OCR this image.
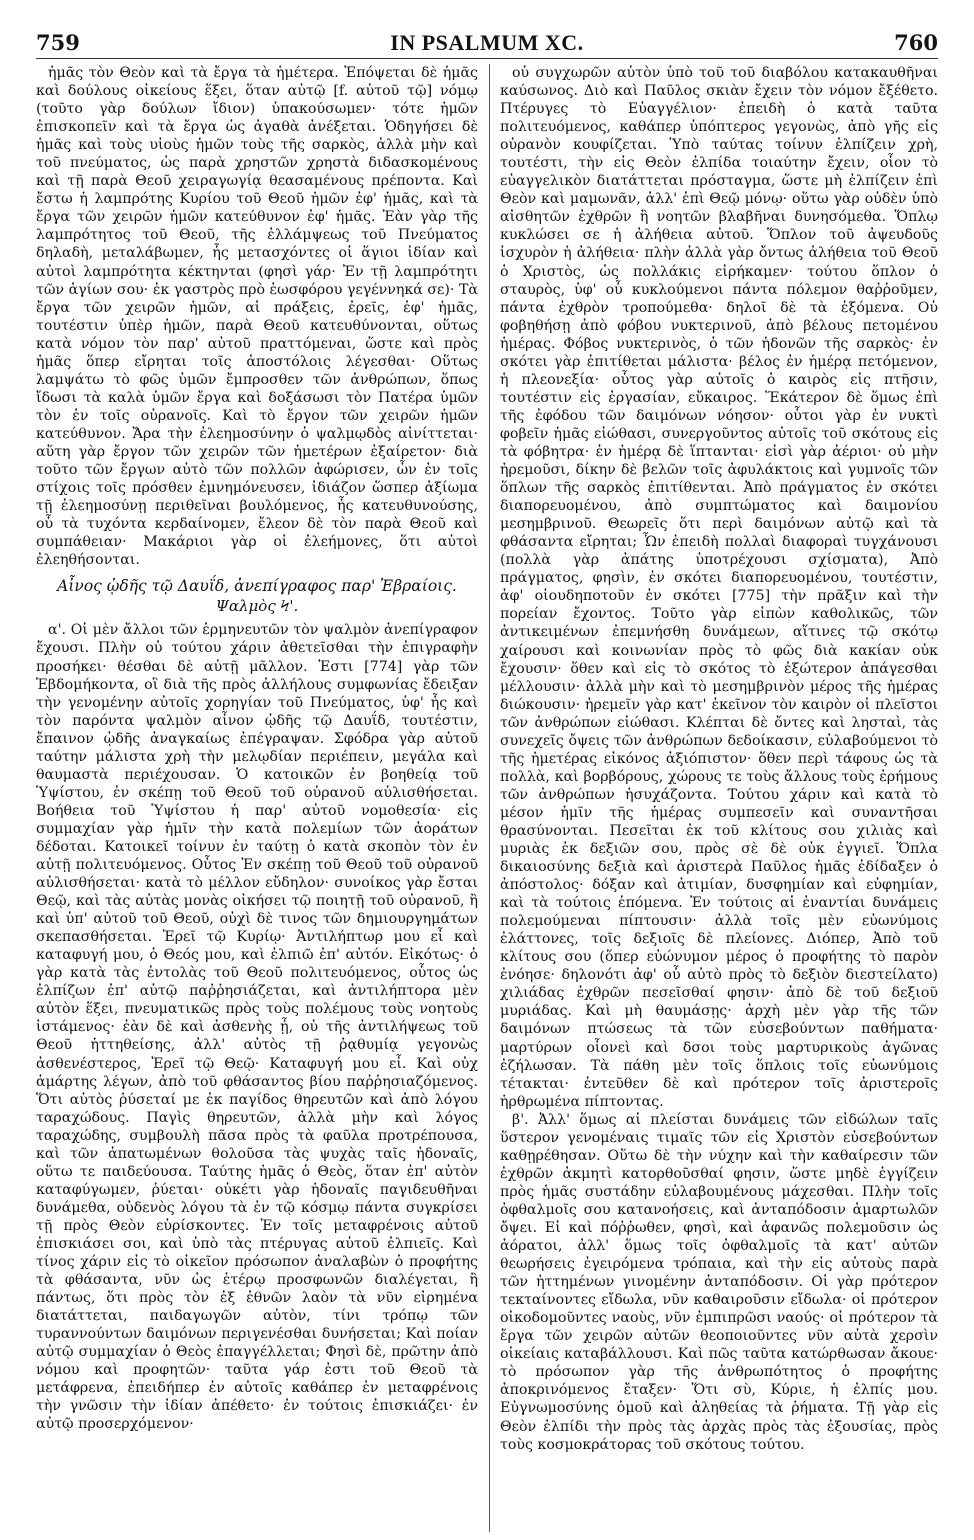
759	IN PSALMUM XC.	760

ἡμᾶς τὸν Θεὸν καὶ τὰ ἔργα τὰ ἡμέτερα. Ἑπόψεται δὲ ἡμᾶς καὶ δούλους οἰκείους ἕξει, ὅταν αὐτῷ [f. αὐτοῦ τῷ] νόμῳ (τοῦτο γὰρ δούλων ἴδιον) ὑπακούσωμεν· τότε ἡμῶν ἐπισκοπεῖν καὶ τὰ ἔργα ὡς ἀγαθὰ ἀνέξεται. Ὁδηγήσει δὲ ἡμᾶς καὶ τοὺς υἱοὺς ἡμῶν τοὺς τῆς σαρκὸς, ἀλλὰ μὴν καὶ τοῦ πνεύματος, ὡς παρὰ χρηστῶν χρηστὰ διδασκομένους καὶ τῇ παρὰ Θεοῦ χειραγωγίᾳ θεασαμένους πρέποντα. Καὶ ἔστω ἡ λαμπρότης Κυρίου τοῦ Θεοῦ ἡμῶν ἐφ' ἡμᾶς, καὶ τὰ ἔργα τῶν χειρῶν ἡμῶν κατεύθυνον ἐφ' ἡμᾶς. Ἐὰν γὰρ τῆς λαμπρότητος τοῦ Θεοῦ, τῆς ἐλλάμψεως τοῦ Πνεύματος δηλαδὴ, μεταλάβωμεν, ἧς μετασχόντες οἱ ἅγιοι ἰδίαν καὶ αὐτοὶ λαμπρότητα κέκτηνται (φησὶ γάρ· Ἐν τῇ λαμπρότητι τῶν ἁγίων σου· ἐκ γαστρὸς πρὸ ἑωσφόρου γεγέννηκά σε)· Τὰ ἔργα τῶν χειρῶν ἡμῶν, αἱ πράξεις, ἐρεῖς, ἐφ' ἡμᾶς, τουτέστιν ὑπὲρ ἡμῶν, παρὰ Θεοῦ κατευθύνονται, οὕτως κατὰ νόμον τὸν παρ' αὐτοῦ πραττόμεναι, ὥστε καὶ πρὸς ἡμᾶς ὅπερ εἴρηται τοῖς ἀποστόλοις λέγεσθαι· Οὕτως λαμψάτω τὸ φῶς ὑμῶν ἔμπροσθεν τῶν ἀνθρώπων, ὅπως ἴδωσι τὰ καλὰ ὑμῶν ἔργα καὶ δοξάσωσι τὸν Πατέρα ὑμῶν τὸν ἐν τοῖς οὐρανοῖς. Καὶ τὸ ἔργον τῶν χειρῶν ἡμῶν κατεύθυνον. Ἄρα τὴν ἐλεημοσύνην ὁ ψαλμῳδὸς αἰνίττεται· αὕτη γὰρ ἔργον τῶν χειρῶν τῶν ἡμετέρων ἐξαίρετον· διὰ τοῦτο τῶν ἔργων αὐτὸ τῶν πολλῶν ἀφώρισεν, ὧν ἐν τοῖς στίχοις τοῖς πρόσθεν ἐμνημόνευσεν, ἰδιάζον ὥσπερ ἀξίωμα τῇ ἐλεημοσύνῃ περιθεῖναι βουλόμενος, ἧς κατευθυνούσης, οὗ τὰ τυχόντα κερδαίνομεν, ἔλεον δὲ τὸν παρὰ Θεοῦ καὶ συμπάθειαν· Μακάριοι γὰρ οἱ ἐλεήμονες, ὅτι αὐτοὶ ἐλεηθήσονται.

Αἶνος ᾠδῆς τῷ Δαυΐδ, ἀνεπίγραφος παρ' Ἑβραίοις.
Ψαλμὸς Ϟ'.

α'. Οἱ μὲν ἄλλοι τῶν ἑρμηνευτῶν τὸν ψαλμὸν ἀνεπίγραφον ἔχουσι. Πλὴν οὐ τούτου χάριν ἀθετεῖσθαι τὴν ἐπιγραφὴν προσήκει· θέσθαι δὲ αὐτῇ μᾶλλον. Ἐστι [774] γὰρ τῶν Ἑβδομήκοντα, οἳ διὰ τῆς πρὸς ἀλλήλους συμφωνίας ἔδειξαν τὴν γενομένην αὐτοῖς χορηγίαν τοῦ Πνεύματος, ὑφ' ἧς καὶ τὸν παρόντα ψαλμὸν αἶνον ᾠδῆς τῷ Δαυΐδ, τουτέστιν, ἔπαινον ᾠδῆς ἀναγκαίως ἐπέγραψαν. Σφόδρα γὰρ αὐτοῦ ταύτην μάλιστα χρὴ τὴν μελῳδίαν περιέπειν, μεγάλα καὶ θαυμαστὰ περιέχουσαν. Ὁ κατοικῶν ἐν βοηθείᾳ τοῦ Ὑψίστου, ἐν σκέπῃ τοῦ Θεοῦ τοῦ οὐρανοῦ αὐλισθήσεται. Βοήθεια τοῦ Ὑψίστου ἡ παρ' αὐτοῦ νομοθεσία· εἰς συμμαχίαν γὰρ ἡμῖν τὴν κατὰ πολεμίων τῶν ἀοράτων δέδοται. Κατοικεῖ τοίνυν ἐν ταύτῃ ὁ κατὰ σκοπὸν τὸν ἐν αὐτῇ πολιτευόμενος. Οὗτος Ἐν σκέπῃ τοῦ Θεοῦ τοῦ οὐρανοῦ αὐλισθήσεται· κατὰ τὸ μέλλον εὔδηλον· συνοίκος γὰρ ἔσται Θεῷ, καὶ τὰς αὐτὰς μονὰς οἰκήσει τῷ ποιητῇ τοῦ οὐρανοῦ, ἢ καὶ ὑπ' αὐτοῦ τοῦ Θεοῦ, οὐχὶ δὲ τινος τῶν δημιουργημάτων σκεπασθήσεται. Ἐρεῖ τῷ Κυρίῳ· Ἀντιλήπτωρ μου εἶ καὶ καταφυγή μου, ὁ Θεός μου, καὶ ἐλπιῶ ἐπ' αὐτόν. Εἰκότως· ὁ γὰρ κατὰ τὰς ἐντολὰς τοῦ Θεοῦ πολιτευόμενος, οὗτος ὡς ἐλπίζων ἐπ' αὐτῷ παῤῥησιάζεται, καὶ ἀντιλήπτορα μὲν αὐτὸν ἕξει, πνευματικῶς πρὸς τοὺς πολέμους τοὺς νοητοὺς ἱστάμενος· ἐὰν δὲ καὶ ἀσθενὴς ᾖ, οὐ τῆς ἀντιλήψεως τοῦ Θεοῦ ἡττηθείσης, ἀλλ' αὐτὸς τῇ ῥᾳθυμίᾳ γεγονὼς ἀσθενέστερος, Ἐρεῖ τῷ Θεῷ· Καταφυγή μου εἶ. Καὶ οὐχ ἁμάρτης λέγων, ἀπὸ τοῦ φθάσαντος βίου παῤῥησιαζόμενος. Ὅτι αὐτὸς ῥύσεταί με ἐκ παγίδος θηρευτῶν καὶ ἀπὸ λόγου ταραχώδους. Παγὶς θηρευτῶν, ἀλλὰ μὴν καὶ λόγος ταραχώδης, συμβουλὴ πᾶσα πρὸς τὰ φαῦλα προτρέπουσα, καὶ τῶν ἀπατωμένων θολοῦσα τὰς ψυχὰς ταῖς ἡδοναῖς, οὕτω τε παιδεύουσα. Ταύτης ἡμᾶς ὁ Θεὸς, ὅταν ἐπ' αὐτὸν καταφύγωμεν, ῥύεται· οὐκέτι γὰρ ἡδοναῖς παγιδευθῆναι δυνάμεθα, οὐδενὸς λόγου τὰ ἐν τῷ κόσμῳ πάντα συγκρίσει τῇ πρὸς Θεὸν εὑρίσκοντες. Ἐν τοῖς μεταφρένοις αὐτοῦ ἐπισκιάσει σοι, καὶ ὑπὸ τὰς πτέρυγας αὐτοῦ ἐλπιεῖς. Καὶ τίνος χάριν εἰς τὸ οἰκεῖον πρόσωπον ἀναλαβὼν ὁ προφήτης τὰ φθάσαντα, νῦν ὡς ἑτέρῳ προσφωνῶν διαλέγεται, ἢ πάντως, ὅτι πρὸς τὸν ἐξ ἐθνῶν λαὸν τὰ νῦν εἰρημένα διατάττεται, παιδαγωγῶν αὐτὸν, τίνι τρόπῳ τῶν τυραννούντων δαιμόνων περιγενέσθαι δυνήσεται; Καὶ ποίαν αὐτῷ συμμαχίαν ὁ Θεὸς ἐπαγγέλλεται; Φησὶ δὲ, πρῶτην ἀπὸ νόμου καὶ προφητῶν· ταῦτα γάρ ἐστι τοῦ Θεοῦ τὰ μετάφρενα, ἐπειδήπερ ἐν αὐτοῖς καθάπερ ἐν μεταφρένοις τὴν γνῶσιν τὴν ἰδίαν ἀπέθετο· ἐν τούτοις ἐπισκιάζει· ἐν αὐτῷ προσερχόμενον·

οὐ συγχωρῶν αὐτὸν ὑπὸ τοῦ τοῦ διαβόλου κατακαυθῆναι καύσωνος. Διὸ καὶ Παῦλος σκιὰν ἔχειν τὸν νόμον ἔξέθετο. Πτέρυγες τὸ Εὐαγγέλιον· ἐπειδὴ ὁ κατὰ ταῦτα πολιτευόμενος, καθάπερ ὑπόπτερος γεγονὼς, ἀπὸ γῆς εἰς οὐρανὸν κουφίζεται. Ὑπὸ ταύτας τοίνυν ἐλπίζειν χρὴ, τουτέστι, τὴν εἰς Θεὸν ἐλπίδα τοιαύτην ἔχειν, οἷον τὸ εὐαγγελικὸν διατάττεται πρόσταγμα, ὥστε μὴ ἐλπίζειν ἐπὶ Θεὸν καὶ μαμωνᾶν, ἀλλ' ἐπὶ Θεῷ μόνῳ· οὕτω γὰρ οὐδὲν ὑπὸ αἰσθητῶν ἐχθρῶν ἢ νοητῶν βλαβῆναι δυνησόμεθα. Ὅπλῳ κυκλώσει σε ἡ ἀλήθεια αὐτοῦ. Ὅπλον τοῦ ἀψευδοῦς ἰσχυρὸν ἡ ἀλήθεια· πλὴν ἀλλὰ γὰρ ὄντως ἀλήθεια τοῦ Θεοῦ ὁ Χριστὸς, ὡς πολλάκις εἰρήκαμεν· τούτου ὅπλον ὁ σταυρὸς, ὑφ' οὗ κυκλούμενοι πάντα πόλεμον θαῤῥοῦμεν, πάντα ἐχθρὸν τροπούμεθα· δηλοῖ δὲ τὰ ἑξόμενα. Οὐ φοβηθήσῃ ἀπὸ φόβου νυκτερινοῦ, ἀπὸ βέλους πετομένου ἡμέρας. Φόβος νυκτερινὸς, ὁ τῶν ἡδονῶν τῆς σαρκὸς· ἐν σκότει γὰρ ἐπιτίθεται μάλιστα· βέλος ἐν ἡμέρᾳ πετόμενον, ἡ πλεονεξία· οὗτος γὰρ αὐτοῖς ὁ καιρὸς εἰς πτῆσιν, τουτέστιν εἰς ἐργασίαν, εὔκαιρος. Ἕκάτερον δὲ ὅμως ἐπὶ τῆς ἐφόδου τῶν δαιμόνων νόησον· οὗτοι γὰρ ἐν νυκτὶ φοβεῖν ἡμᾶς εἰώθασι, συνεργοῦντος αὐτοῖς τοῦ σκότους εἰς τὰ φόβητρα· ἐν ἡμέρᾳ δὲ ἵπτανται· εἰσὶ γὰρ ἀέριοι· οὐ μὴν ἠρεμοῦσι, δίκην δὲ βελῶν τοῖς ἀφυλάκτοις καὶ γυμνοῖς τῶν ὅπλων τῆς σαρκὸς ἐπιτίθενται. Ἀπὸ πράγματος ἐν σκότει διαπορευομένου, ἀπὸ συμπτώματος καὶ δαιμονίου μεσημβρινοῦ. Θεωρεῖς ὅτι περὶ δαιμόνων αὐτῷ καὶ τὰ φθάσαντα εἴρηται; Ὧν ἐπειδὴ πολλαὶ διαφοραὶ τυγχάνουσι (πολλὰ γὰρ ἀπάτης ὑποτρέχουσι σχίσματα), Ἀπὸ πράγματος, φησὶν, ἐν σκότει διαπορευομένου, τουτέστιν, ἀφ' οἱουδηποτοῦν ἐν σκότει [775] τὴν πρᾶξιν καὶ τὴν πορείαν ἔχοντος. Τοῦτο γὰρ εἰπὼν καθολικῶς, τῶν ἀντικειμένων ἐπεμνήσθη δυνάμεων, αἵτινες τῷ σκότῳ χαίρουσι καὶ κοινωνίαν πρὸς τὸ φῶς διὰ κακίαν οὐκ ἔχουσιν· ὅθεν καὶ εἰς τὸ σκότος τὸ ἐξώτερον ἀπάγεσθαι μέλλουσιν· ἀλλὰ μὴν καὶ τὸ μεσημβρινὸν μέρος τῆς ἡμέρας διώκουσιν· ἠρεμεῖν γὰρ κατ' ἐκεῖνον τὸν καιρὸν οἱ πλεῖστοι τῶν ἀνθρώπων εἰώθασι. Κλέπται δὲ ὄντες καὶ λησταὶ, τὰς συνεχεῖς ὄψεις τῶν ἀνθρώπων δεδοίκασιν, εὐλαβούμενοι τὸ τῆς ἡμετέρας εἰκόνος ἀξιόπιστον· ὅθεν περὶ τάφους ὡς τὰ πολλὰ, καὶ βορβόρους, χώρους τε τοὺς ἄλλους τοὺς ἐρήμους τῶν ἀνθρώπων ἡσυχάζοντα. Τούτου χάριν καὶ κατὰ τὸ μέσον ἡμῖν τῆς ἡμέρας συμπεσεῖν καὶ συναντῆσαι θρασύνονται. Πεσεῖται ἐκ τοῦ κλίτους σου χιλιὰς καὶ μυριὰς ἐκ δεξιῶν σου, πρὸς σὲ δὲ οὐκ ἐγγιεῖ. Ὅπλα δικαιοσύνης δεξιὰ καὶ ἀριστερὰ Παῦλος ἡμᾶς ἐδίδαξεν ὁ ἀπόστολος· δόξαν καὶ ἀτιμίαν, δυσφημίαν καὶ εὐφημίαν, καὶ τὰ τούτοις ἑπόμενα. Ἐν τούτοις αἱ ἐναντίαι δυνάμεις πολεμούμεναι πίπτουσιν· ἀλλὰ τοῖς μὲν εὐωνύμοις ἐλάττονες, τοῖς δεξιοῖς δὲ πλείονες. Διόπερ, Ἀπὸ τοῦ κλίτους σου (ὅπερ εὐώνυμον μέρος ὁ προφήτης τὸ παρὸν ἐνόησε· δηλονότι ἀφ' οὗ αὐτὸ πρὸς τὸ δεξιὸν διεστείλατο) χιλιάδας ἐχθρῶν πεσεῖσθαί φησιν· ἀπὸ δὲ τοῦ δεξιοῦ μυριάδας. Καὶ μὴ θαυμάσῃς· ἀρχὴ μὲν γὰρ τῆς τῶν δαιμόνων πτώσεως τὰ τῶν εὐσεβούντων παθήματα· μαρτύρων οἷονεὶ καὶ δσοι τοὺς μαρτυρικοὺς ἀγῶνας ἐζήλωσαν. Τὰ πάθη μὲν τοῖς ὅπλοις τοῖς εὐωνύμοις τέτακται· ἐντεῦθεν δὲ καὶ πρότερον τοῖς ἀριστεροῖς ἡρθρωμένα πίπτοντας.

β'. Ἀλλ' ὅμως αἱ πλείσται δυνάμεις τῶν εἰδώλων ταῖς ὕστερον γενομέναις τιμαῖς τῶν εἰς Χριστὸν εὐσεβούντων καθῃρέθησαν. Οὕτω δὲ τὴν νύχην καὶ τὴν καθαίρεσιν τῶν ἐχθρῶν ἀκμητὶ κατορθοῦσθαί φησιν, ὥστε μηδὲ ἐγγίζειν πρὸς ἡμᾶς συστάδην εὐλαβουμένους μάχεσθαι. Πλὴν τοῖς ὀφθαλμοῖς σου κατανοήσεις, καὶ ἀνταπόδοσιν ἁμαρτωλῶν ὄψει. Εἰ καὶ πόῤῥωθεν, φησὶ, καὶ ἀφανῶς πολεμοῦσιν ὡς ἀόρατοι, ἀλλ' ὅμως τοῖς ὀφθαλμοῖς τὰ κατ' αὐτῶν θεωρήσεις ἐγειρόμενα τρόπαια, καὶ τὴν εἰς αὐτοὺς παρὰ τῶν ἡττημένων γινομένην ἀνταπόδοσιν. Οἱ γὰρ πρότερον τεκταίνοντες εἴδωλα, νῦν καθαιροῦσιν εἴδωλα· οἱ πρότερον οἰκοδομοῦντες ναοὺς, νῦν ἐμπιπρῶσι ναούς· οἱ πρότερον τὰ ἔργα τῶν χειρῶν αὐτῶν θεοποιοῦντες νῦν αὐτὰ χερσὶν οἰκείαις καταβάλλουσι. Καὶ πῶς ταῦτα κατώρθωσαν ἄκουε· τὸ πρόσωπον γὰρ τῆς ἀνθρωπότητος ὁ προφήτης ἀποκρινόμενος ἔταξεν· Ὅτι σὺ, Κύριε, ἡ ἐλπίς μου. Εὐγνωμοσύνης ὁμοῦ καὶ ἀληθείας τὰ ῥήματα. Τῇ γὰρ εἰς Θεὸν ἐλπίδι τὴν πρὸς τὰς ἀρχὰς πρὸς τὰς ἐξουσίας, πρὸς τοὺς κοσμοκράτορας τοῦ σκότους τούτου.
